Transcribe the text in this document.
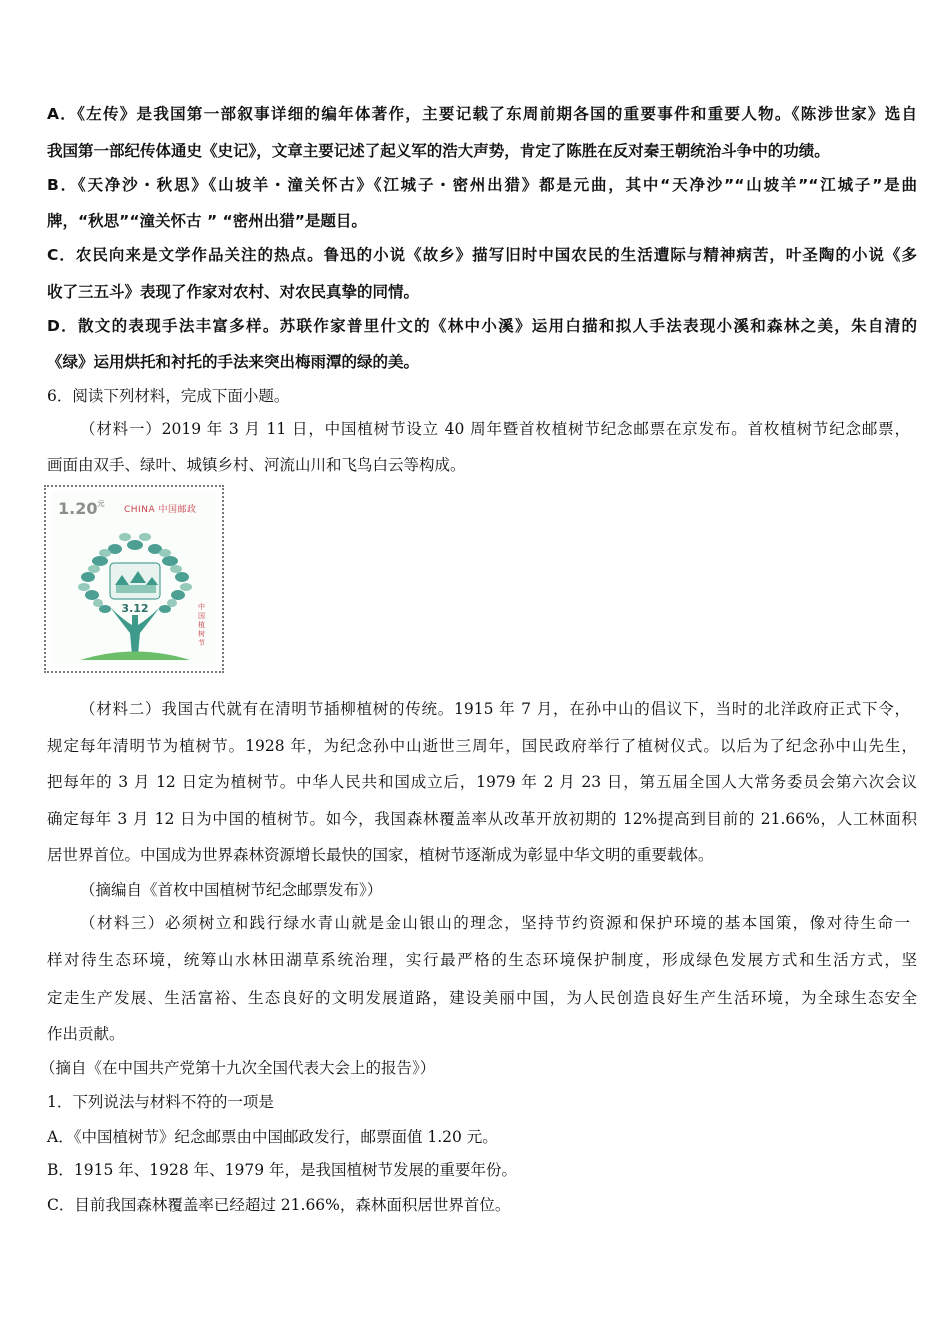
A．《左传》是我国第一部叙事详细的编年体著作，主要记载了东周前期各国的重要事件和重要人物。《陈涉世家》选自
我国第一部纪传体通史《史记》，文章主要记述了起义军的浩大声势，肯定了陈胜在反对秦王朝统治斗争中的功绩。
B．《天净沙・秋思》《山坡羊・潼关怀古》《江城子・密州出猎》都是元曲，其中“天净沙”“山坡羊”“江城子”是曲
牌，“秋思”“潼关怀古 ” “密州出猎”是题目。
C．农民向来是文学作品关注的热点。鲁迅的小说《故乡》描写旧时中国农民的生活遭际与精神病苦，叶圣陶的小说《多
收了三五斗》表现了作家对农村、对农民真挚的同情。
D．散文的表现手法丰富多样。苏联作家普里什文的《林中小溪》运用白描和拟人手法表现小溪和森林之美，朱自清的
《绿》运用烘托和衬托的手法来突出梅雨潭的绿的美。
6．阅读下列材料，完成下面小题。
（材料一）2019 年 3 月 11 日，中国植树节设立 40 周年暨首枚植树节纪念邮票在京发布。首枚植树节纪念邮票，
画面由双手、绿叶、城镇乡村、河流山川和飞鸟白云等构成。
$1.20^元$
CHINA 中国邮政
3.12	中国植树节
（材料二）我国古代就有在清明节插柳植树的传统。1915 年 7 月，在孙中山的倡议下，当时的北洋政府正式下令，
规定每年清明节为植树节。1928 年，为纪念孙中山逝世三周年，国民政府举行了植树仪式。以后为了纪念孙中山先生，
把每年的 3 月 12 日定为植树节。中华人民共和国成立后，1979 年 2 月 23 日，第五届全国人大常务委员会第六次会议
确定每年 3 月 12 日为中国的植树节。如今，我国森林覆盖率从改革开放初期的 12%提高到目前的 21.66%，人工林面积
居世界首位。中国成为世界森林资源增长最快的国家，植树节逐渐成为彰显中华文明的重要载体。
（摘编自《首枚中国植树节纪念邮票发布》）
（材料三）必须树立和践行绿水青山就是金山银山的理念，坚持节约资源和保护环境的基本国策，像对待生命一
样对待生态环境，统筹山水林田湖草系统治理，实行最严格的生态环境保护制度，形成绿色发展方式和生活方式，坚
定走生产发展、生活富裕、生态良好的文明发展道路，建设美丽中国，为人民创造良好生产生活环境，为全球生态安全
作出贡献。
（摘自《在中国共产党第十九次全国代表大会上的报告》）
1．下列说法与材料不符的一项是
A．《中国植树节》纪念邮票由中国邮政发行，邮票面值 1.20 元。
B．1915 年、1928 年、1979 年，是我国植树节发展的重要年份。
C．目前我国森林覆盖率已经超过 21.66%，森林面积居世界首位。
